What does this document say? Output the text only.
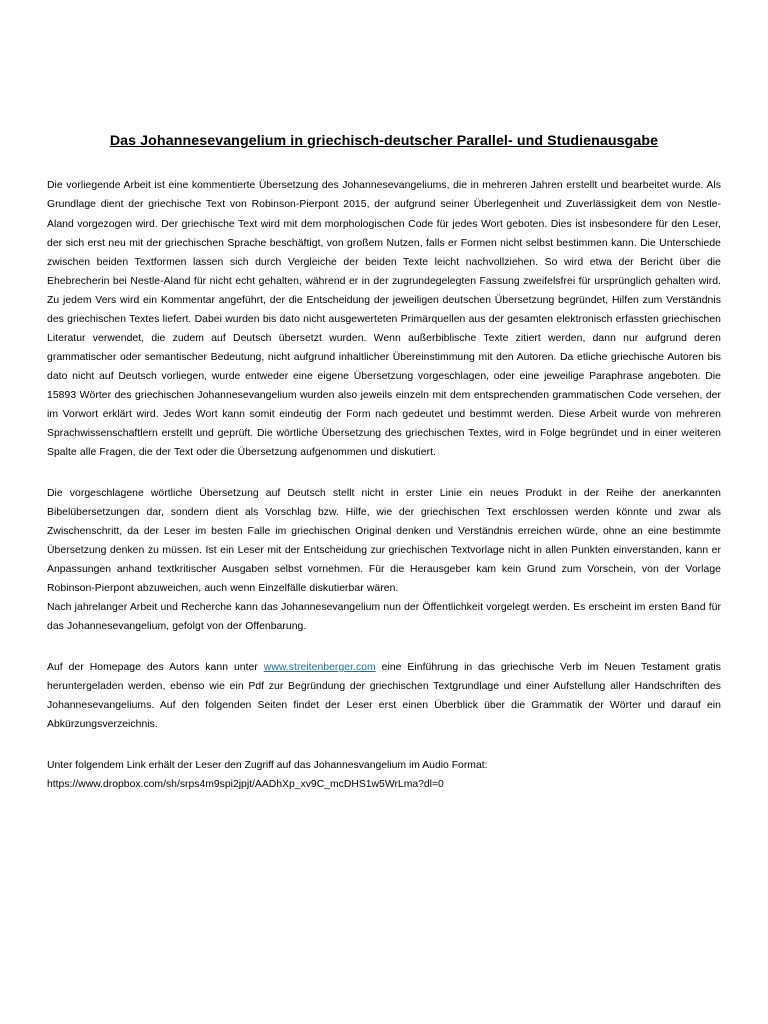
Das Johannesevangelium in griechisch-deutscher Parallel- und Studienausgabe

Die vorliegende Arbeit ist eine kommentierte Übersetzung des Johannesevangeliums, die in mehreren Jahren erstellt und bearbeitet wurde. Als Grundlage dient der griechische Text von Robinson-Pierpont 2015, der aufgrund seiner Überlegenheit und Zuverlässigkeit dem von Nestle-Aland vorgezogen wird. Der griechische Text wird mit dem morphologischen Code für jedes Wort geboten. Dies ist insbesondere für den Leser, der sich erst neu mit der griechischen Sprache beschäftigt, von großem Nutzen, falls er Formen nicht selbst bestimmen kann. Die Unterschiede zwischen beiden Textformen lassen sich durch Vergleiche der beiden Texte leicht nachvollziehen. So wird etwa der Bericht über die Ehebrecherin bei Nestle-Aland für nicht echt gehalten, während er in der zugrundegelegten Fassung zweifelsfrei für ursprünglich gehalten wird. Zu jedem Vers wird ein Kommentar angeführt, der die Entscheidung der jeweiligen deutschen Übersetzung begründet, Hilfen zum Verständnis des griechischen Textes liefert. Dabei wurden bis dato nicht ausgewerteten Primärquellen aus der gesamten elektronisch erfassten griechischen Literatur verwendet, die zudem auf Deutsch übersetzt wurden. Wenn außerbiblische Texte zitiert werden, dann nur aufgrund deren grammatischer oder semantischer Bedeutung, nicht aufgrund inhaltlicher Übereinstimmung mit den Autoren. Da etliche griechische Autoren bis dato nicht auf Deutsch vorliegen, wurde entweder eine eigene Übersetzung vorgeschlagen, oder eine jeweilige Paraphrase angeboten. Die 15893 Wörter des griechischen Johannesevangelium wurden also jeweils einzeln mit dem entsprechenden grammatischen Code versehen, der im Vorwort erklärt wird. Jedes Wort kann somit eindeutig der Form nach gedeutet und bestimmt werden. Diese Arbeit wurde von mehreren Sprachwissenschaftlern erstellt und geprüft. Die wörtliche Übersetzung des griechischen Textes, wird in Folge begründet und in einer weiteren Spalte alle Fragen, die der Text oder die Übersetzung aufgenommen und diskutiert.

Die vorgeschlagene wörtliche Übersetzung auf Deutsch stellt nicht in erster Linie ein neues Produkt in der Reihe der anerkannten Bibelübersetzungen dar, sondern dient als Vorschlag bzw. Hilfe, wie der griechischen Text erschlossen werden könnte und zwar als Zwischenschritt, da der Leser im besten Falle im griechischen Original denken und Verständnis erreichen würde, ohne an eine bestimmte Übersetzung denken zu müssen. Ist ein Leser mit der Entscheidung zur griechischen Textvorlage nicht in allen Punkten einverstanden, kann er Anpassungen anhand textkritischer Ausgaben selbst vornehmen. Für die Herausgeber kam kein Grund zum Vorschein, von der Vorlage Robinson-Pierpont abzuweichen, auch wenn Einzelfälle diskutierbar wären.

Nach jahrelanger Arbeit und Recherche kann das Johannesevangelium nun der Öffentlichkeit vorgelegt werden. Es erscheint im ersten Band für das Johannesevangelium, gefolgt von der Offenbarung.

Auf der Homepage des Autors kann unter www.streitenberger.com eine Einführung in das griechische Verb im Neuen Testament gratis heruntergeladen werden, ebenso wie ein Pdf zur Begründung der griechischen Textgrundlage und einer Aufstellung aller Handschriften des Johannesevangeliums. Auf den folgenden Seiten findet der Leser erst einen Überblick über die Grammatik der Wörter und darauf ein Abkürzungsverzeichnis.

Unter folgendem Link erhält der Leser den Zugriff auf das Johannesvangelium im Audio Format:

https://www.dropbox.com/sh/srps4m9spi2jpjt/AADhXp_xv9C_mcDHS1w5WrLma?dl=0
